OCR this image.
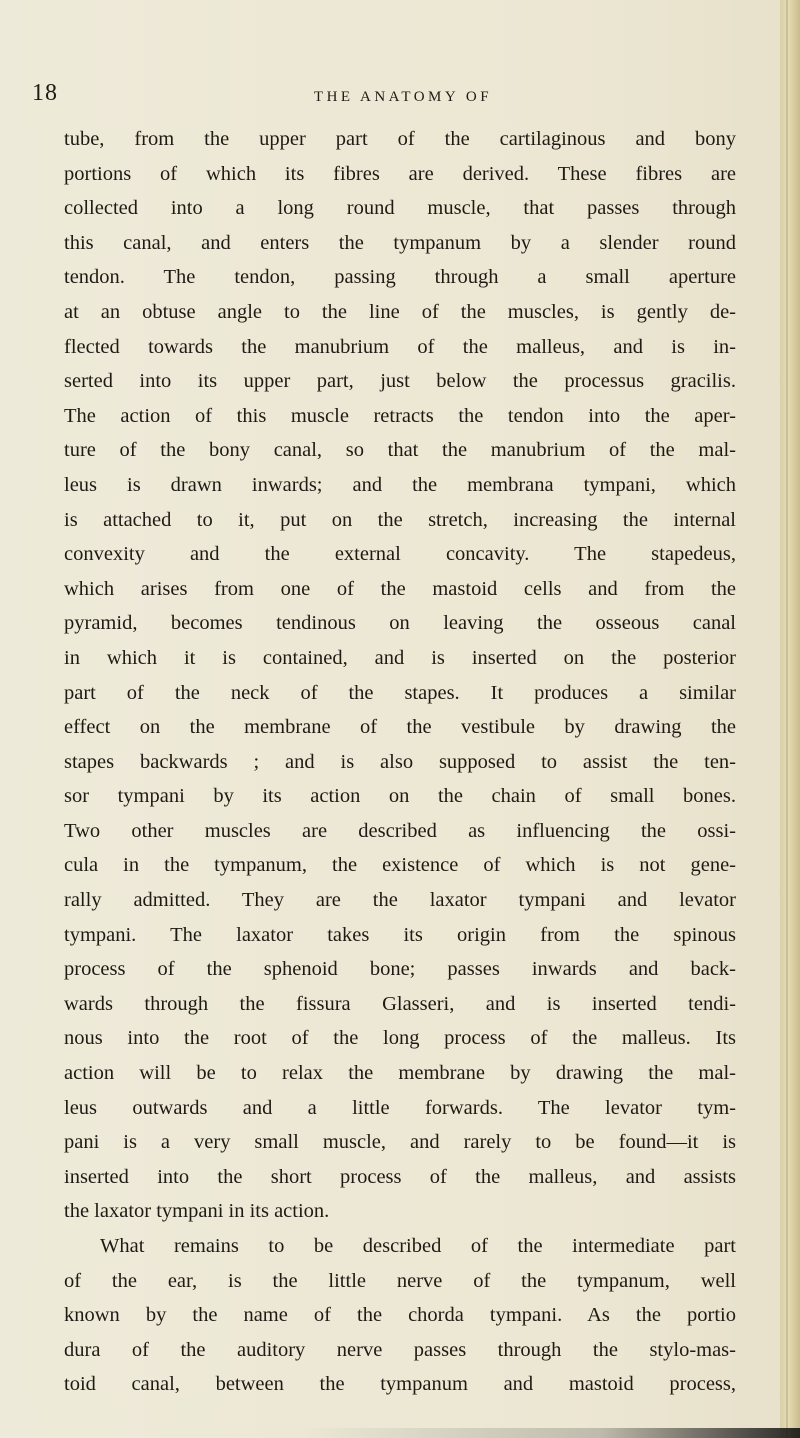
18	THE ANATOMY OF
tube, from the upper part of the cartilaginous and bony
portions of which its fibres are derived. These fibres are
collected into a long round muscle, that passes through
this canal, and enters the tympanum by a slender round
tendon. The tendon, passing through a small aperture
at an obtuse angle to the line of the muscles, is gently de-
flected towards the manubrium of the malleus, and is in-
serted into its upper part, just below the processus gracilis.
The action of this muscle retracts the tendon into the aper-
ture of the bony canal, so that the manubrium of the mal-
leus is drawn inwards; and the membrana tympani, which
is attached to it, put on the stretch, increasing the internal
convexity and the external concavity. The stapedeus,
which arises from one of the mastoid cells and from the
pyramid, becomes tendinous on leaving the osseous canal
in which it is contained, and is inserted on the posterior
part of the neck of the stapes. It produces a similar
effect on the membrane of the vestibule by drawing the
stapes backwards ; and is also supposed to assist the ten-
sor tympani by its action on the chain of small bones.
Two other muscles are described as influencing the ossi-
cula in the tympanum, the existence of which is not gene-
rally admitted. They are the laxator tympani and levator
tympani. The laxator takes its origin from the spinous
process of the sphenoid bone; passes inwards and back-
wards through the fissura Glasseri, and is inserted tendi-
nous into the root of the long process of the malleus. Its
action will be to relax the membrane by drawing the mal-
leus outwards and a little forwards. The levator tym-
pani is a very small muscle, and rarely to be found—it is
inserted into the short process of the malleus, and assists
the laxator tympani in its action.
What remains to be described of the intermediate part
of the ear, is the little nerve of the tympanum, well
known by the name of the chorda tympani. As the portio
dura of the auditory nerve passes through the stylo-mas-
toid canal, between the tympanum and mastoid process,
